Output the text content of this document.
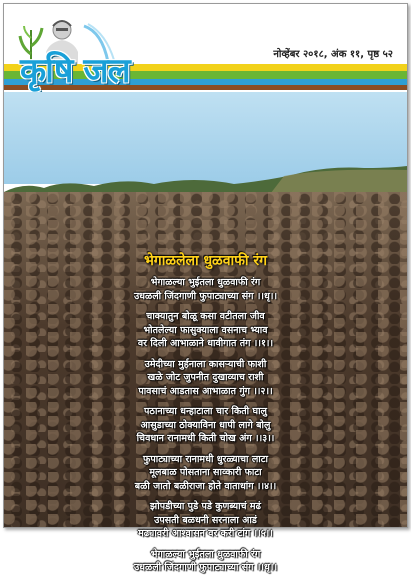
नोव्हेंबर २०१८, अंक ११, पृष्ठ ५२
कृषि जल
भेगाळलेला धुळवाफी रंग
भेगाळल्या भुईतला धुळवाफी रंग
उधळली जिंदगाणी फुपाट्याच्या संग ।।धृ।।
चाक्यातुन बोळू कसा वटीतला जीव
भोतलेल्या फासुक्याला वसनाच भ्याव
वर दिली आभाळाने धावीगात तंग ।।१।।
उमेदीच्या मुर्हनाला कासऱ्याची फाशी
खळे जोट जुपनीत दुखाव्याच राशी
पावसाचं आडतास आभाळात गुंग ।।२।।
पठानाच्या धन्हाटाला चार किती घालु
आसुडाच्या ठोक्याविना धापी लागे बोलु
चिवधान रानामधी किती चोख अंग ।।३।।
फुपाट्याच्या रानामधी धुरळ्याचा लाटा
मूलबाळ पोसताना साव्कारी फाटा
बळी जातो बळीराजा होते वाताधांग ।।४।।
झोपडीच्या पुडे पडे कुणब्याचं मढं
उपसती बळधनी सरनाला आडं
मढ्यावरी आश्वासन वर करी टांग ।।५।।
भेगाळल्या भुईतला धुळवाफी रंग
उधळली जिंदगाणी फुपाट्याच्या संग ।।धृ।।
